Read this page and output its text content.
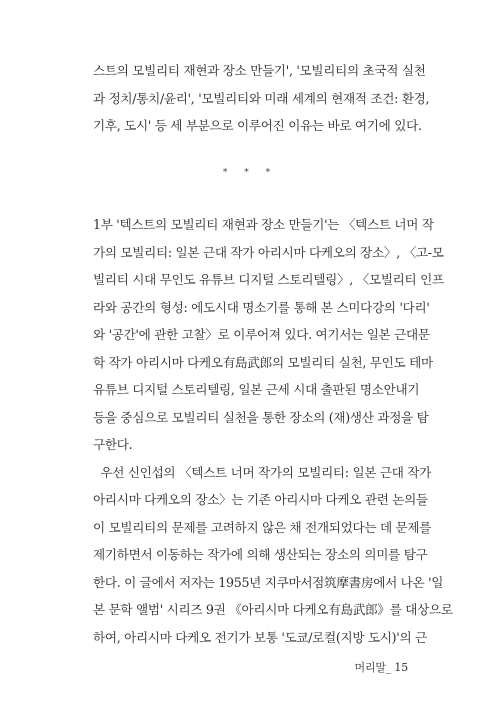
스트의 모빌리티 재현과 장소 만들기', '모빌리티의 초국적 실천
과 정치/통치/윤리', '모빌리티와 미래 세계의 현재적 조건: 환경,
기후, 도시' 등 세 부분으로 이루어진 이유는 바로 여기에 있다.
* * *
1부 '텍스트의 모빌리티 재현과 장소 만들기'는 〈텍스트 너머 작
가의 모빌리티: 일본 근대 작가 아리시마 다케오의 장소〉, 〈고-모
빌리티 시대 무인도 유튜브 디지털 스토리텔링〉, 〈모빌리티 인프
라와 공간의 형성: 에도시대 명소기를 통해 본 스미다강의 '다리'
와 '공간'에 관한 고찰〉로 이루어져 있다. 여기서는 일본 근대문
학 작가 아리시마 다케오有島武郎의 모빌리티 실천, 무인도 테마
유튜브 디지털 스토리텔링, 일본 근세 시대 출판된 명소안내기
등을 중심으로 모빌리티 실천을 통한 장소의 (재)생산 과정을 탐
구한다.
우선 신인섭의 〈텍스트 너머 작가의 모빌리티: 일본 근대 작가
아리시마 다케오의 장소〉는 기존 아리시마 다케오 관련 논의들
이 모빌리티의 문제를 고려하지 않은 채 전개되었다는 데 문제를
제기하면서 이동하는 작가에 의해 생산되는 장소의 의미를 탐구
한다. 이 글에서 저자는 1955년 지쿠마서점筑摩書房에서 나온 '일
본 문학 앨범' 시리즈 9권 《아리시마 다케오有島武郎》를 대상으로
하여, 아리시마 다케오 전기가 보통 '도쿄/로컬(지방 도시)'의 근
머리말_ 15
